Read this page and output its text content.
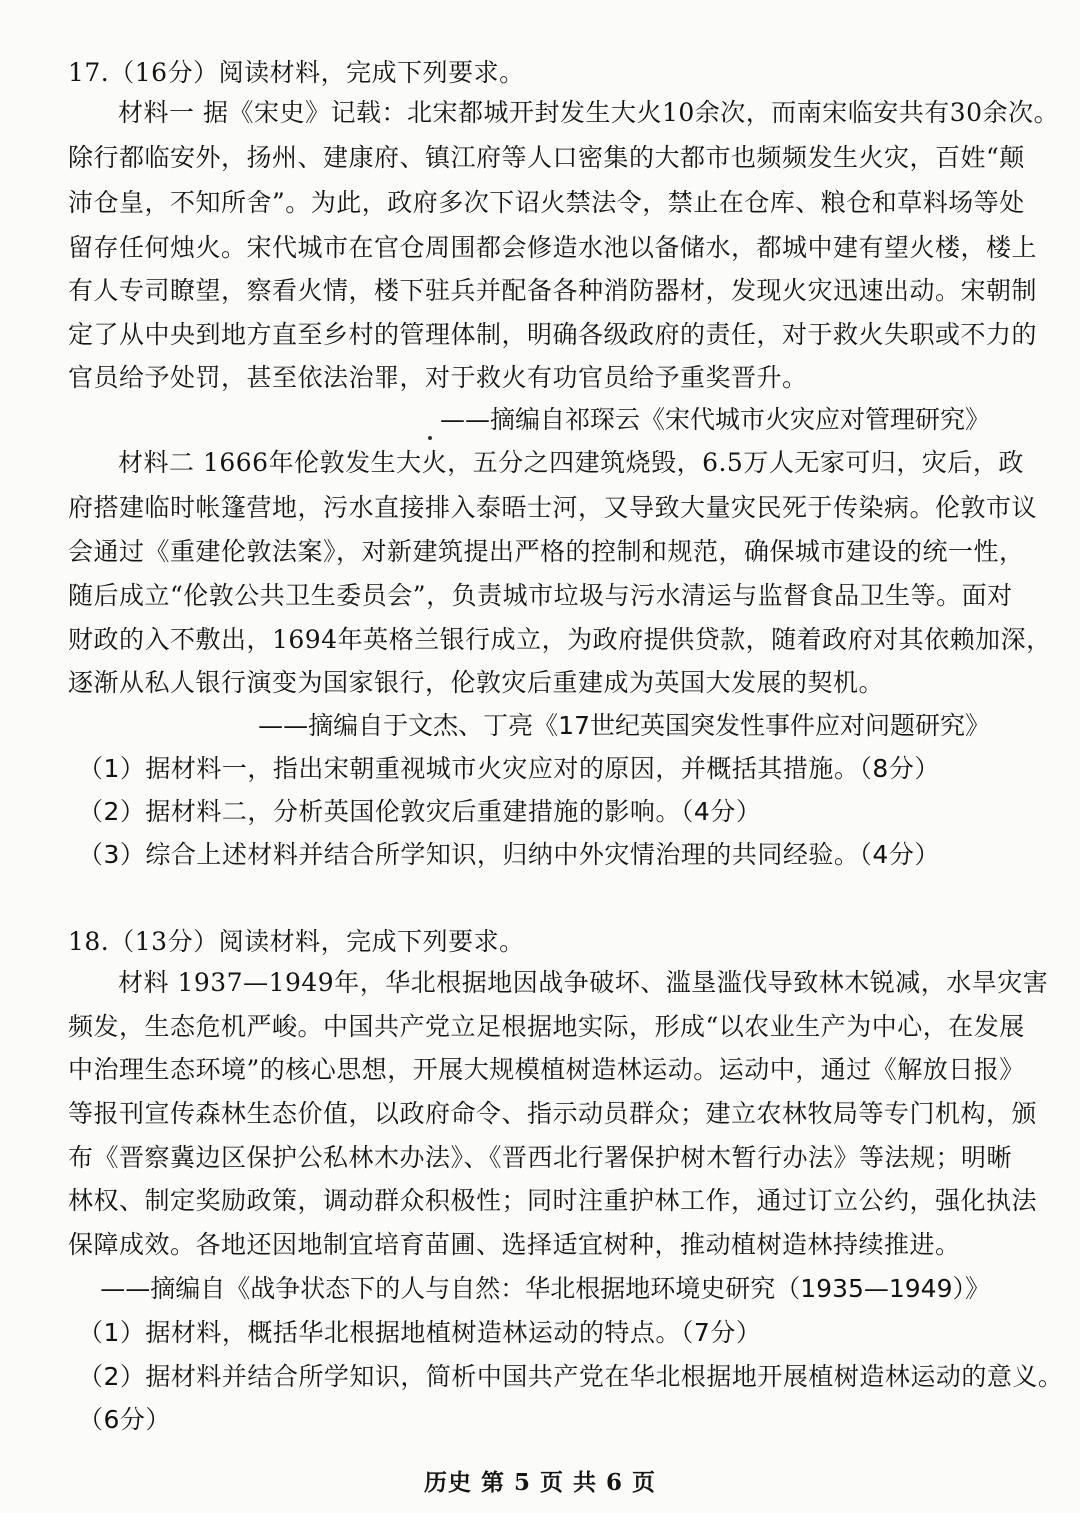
17.（16分）阅读材料，完成下列要求。
材料一 据《宋史》记载：北宋都城开封发生大火10余次，而南宋临安共有30余次。
除行都临安外，扬州、建康府、镇江府等人口密集的大都市也频频发生火灾，百姓“颠
沛仓皇，不知所舍”。为此，政府多次下诏火禁法令，禁止在仓库、粮仓和草料场等处
留存任何烛火。宋代城市在官仓周围都会修造水池以备储水，都城中建有望火楼，楼上
有人专司瞭望，察看火情，楼下驻兵并配备各种消防器材，发现火灾迅速出动。宋朝制
定了从中央到地方直至乡村的管理体制，明确各级政府的责任，对于救火失职或不力的
官员给予处罚，甚至依法治罪，对于救火有功官员给予重奖晋升。
——摘编自祁琛云《宋代城市火灾应对管理研究》
材料二 1666年伦敦发生大火，五分之四建筑烧毁，6.5万人无家可归，灾后，政
府搭建临时帐篷营地，污水直接排入泰晤士河，又导致大量灾民死于传染病。伦敦市议
会通过《重建伦敦法案》，对新建筑提出严格的控制和规范，确保城市建设的统一性，
随后成立“伦敦公共卫生委员会”，负责城市垃圾与污水清运与监督食品卫生等。面对
财政的入不敷出，1694年英格兰银行成立，为政府提供贷款，随着政府对其依赖加深，
逐渐从私人银行演变为国家银行，伦敦灾后重建成为英国大发展的契机。
——摘编自于文杰、丁亮《17世纪英国突发性事件应对问题研究》
（1）据材料一，指出宋朝重视城市火灾应对的原因，并概括其措施。（8分）
（2）据材料二，分析英国伦敦灾后重建措施的影响。（4分）
（3）综合上述材料并结合所学知识，归纳中外灾情治理的共同经验。（4分）
18.（13分）阅读材料，完成下列要求。
材料 1937—1949年，华北根据地因战争破坏、滥垦滥伐导致林木锐减，水旱灾害
频发，生态危机严峻。中国共产党立足根据地实际，形成“以农业生产为中心，在发展
中治理生态环境”的核心思想，开展大规模植树造林运动。运动中，通过《解放日报》
等报刊宣传森林生态价值，以政府命令、指示动员群众；建立农林牧局等专门机构，颁
布《晋察冀边区保护公私林木办法》、《晋西北行署保护树木暂行办法》等法规；明晰
林权、制定奖励政策，调动群众积极性；同时注重护林工作，通过订立公约，强化执法
保障成效。各地还因地制宜培育苗圃、选择适宜树种，推动植树造林持续推进。
——摘编自《战争状态下的人与自然：华北根据地环境史研究（1935—1949）》
（1）据材料，概括华北根据地植树造林运动的特点。（7分）
（2）据材料并结合所学知识，简析中国共产党在华北根据地开展植树造林运动的意义。
（6分）
历史 第 5 页 共 6 页
